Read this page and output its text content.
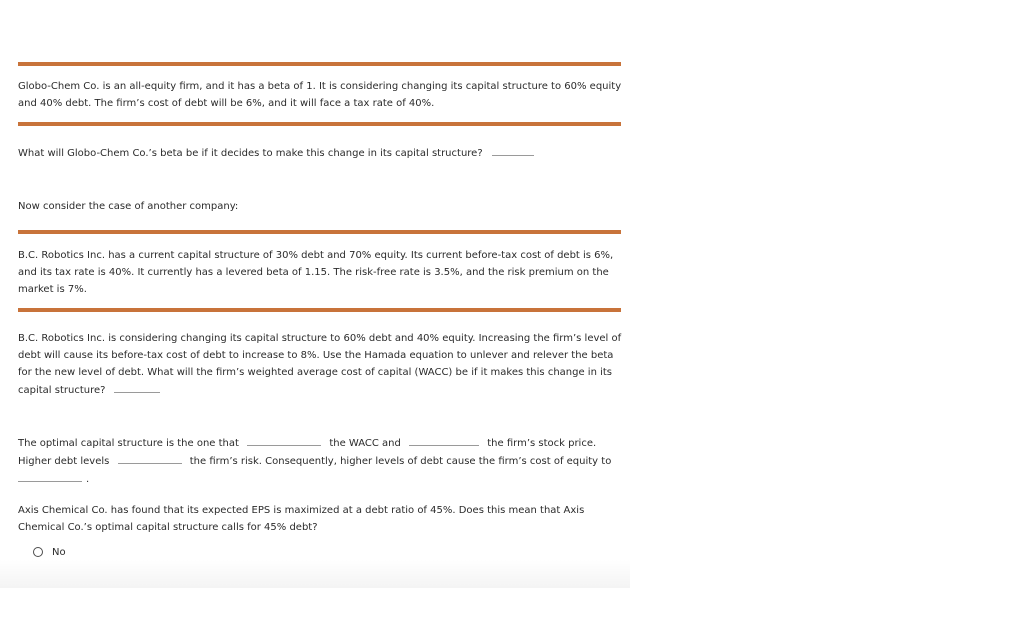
Globo-Chem Co. is an all-equity firm, and it has a beta of 1. It is considering changing its capital structure to 60% equity and 40% debt. The firm’s cost of debt will be 6%, and it will face a tax rate of 40%.
What will Globo-Chem Co.’s beta be if it decides to make this change in its capital structure?
Now consider the case of another company:
B.C. Robotics Inc. has a current capital structure of 30% debt and 70% equity. Its current before-tax cost of debt is 6%, and its tax rate is 40%. It currently has a levered beta of 1.15. The risk-free rate is 3.5%, and the risk premium on the market is 7%.
B.C. Robotics Inc. is considering changing its capital structure to 60% debt and 40% equity. Increasing the firm’s level of debt will cause its before-tax cost of debt to increase to 8%. Use the Hamada equation to unlever and relever the beta for the new level of debt. What will the firm’s weighted average cost of capital (WACC) be if it makes this change in its capital structure?
The optimal capital structure is the one that	the WACC and	the firm’s stock price.
Higher debt levels	the firm’s risk. Consequently, higher levels of debt cause the firm’s cost of equity to
.
Axis Chemical Co. has found that its expected EPS is maximized at a debt ratio of 45%. Does this mean that Axis Chemical Co.’s optimal capital structure calls for 45% debt?
No
